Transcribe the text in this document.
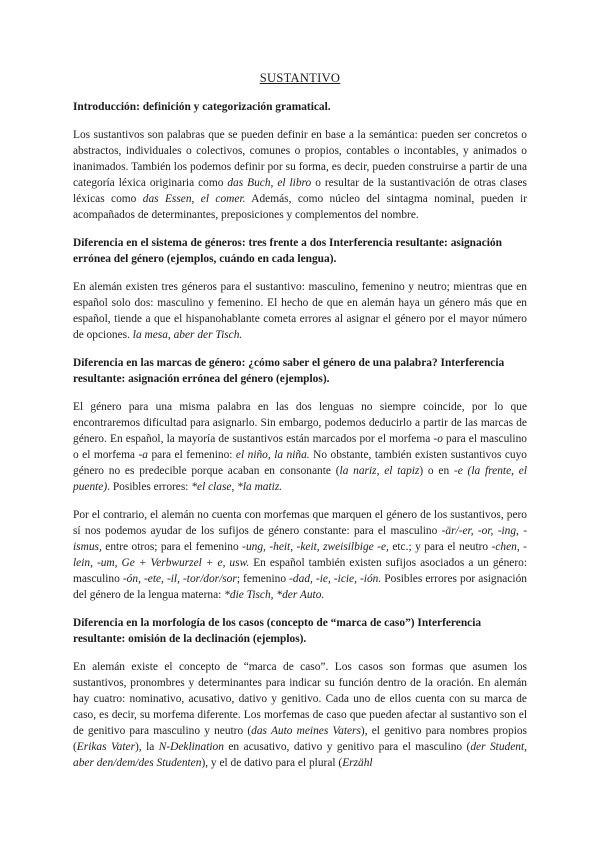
SUSTANTIVO
Introducción: definición y categorización gramatical.

Los sustantivos son palabras que se pueden definir en base a la semántica: pueden ser concretos o abstractos, individuales o colectivos, comunes o propios, contables o incontables, y animados o inanimados. También los podemos definir por su forma, es decir, pueden construirse a partir de una categoría léxica originaria como das Buch, el libro o resultar de la sustantivación de otras clases léxicas como das Essen, el comer. Además, como núcleo del sintagma nominal, pueden ir acompañados de determinantes, preposiciones y complementos del nombre.

Diferencia en el sistema de géneros: tres frente a dos Interferencia resultante: asignación errónea del género (ejemplos, cuándo en cada lengua).

En alemán existen tres géneros para el sustantivo: masculino, femenino y neutro; mientras que en español solo dos: masculino y femenino. El hecho de que en alemán haya un género más que en español, tiende a que el hispanohablante cometa errores al asignar el género por el mayor número de opciones. la mesa, aber der Tisch.

Diferencia en las marcas de género: ¿cómo saber el género de una palabra? Interferencia resultante: asignación errónea del género (ejemplos).

El género para una misma palabra en las dos lenguas no siempre coincide, por lo que encontraremos dificultad para asignarlo. Sin embargo, podemos deducirlo a partir de las marcas de género. En español, la mayoría de sustantivos están marcados por el morfema -o para el masculino o el morfema -a para el femenino: el niño, la niña. No obstante, también existen sustantivos cuyo género no es predecible porque acaban en consonante (la nariz, el tapiz) o en -e (la frente, el puente). Posibles errores: *el clase, *la matiz.

Por el contrario, el alemán no cuenta con morfemas que marquen el género de los sustantivos, pero sí nos podemos ayudar de los sufijos de género constante: para el masculino -är/-er, -or, -ing, -ismus, entre otros; para el femenino -ung, -heit, -keit, zweisilbige -e, etc.; y para el neutro -chen, -lein, -um, Ge + Verbwurzel + e, usw. En español también existen sufijos asociados a un género: masculino -ón, -ete, -il, -tor/dor/sor; femenino -dad, -ie, -icie, -ión. Posibles errores por asignación del género de la lengua materna: *die Tisch, *der Auto.

Diferencia en la morfología de los casos (concepto de “marca de caso”) Interferencia resultante: omisión de la declinación (ejemplos).

En alemán existe el concepto de “marca de caso”. Los casos son formas que asumen los sustantivos, pronombres y determinantes para indicar su función dentro de la oración. En alemán hay cuatro: nominativo, acusativo, dativo y genitivo. Cada uno de ellos cuenta con su marca de caso, es decir, su morfema diferente. Los morfemas de caso que pueden afectar al sustantivo son el de genitivo para masculino y neutro (das Auto meines Vaters), el genitivo para nombres propios (Erikas Vater), la N-Deklination en acusativo, dativo y genitivo para el masculino (der Student, aber den/dem/des Studenten), y el de dativo para el plural (Erzähl
